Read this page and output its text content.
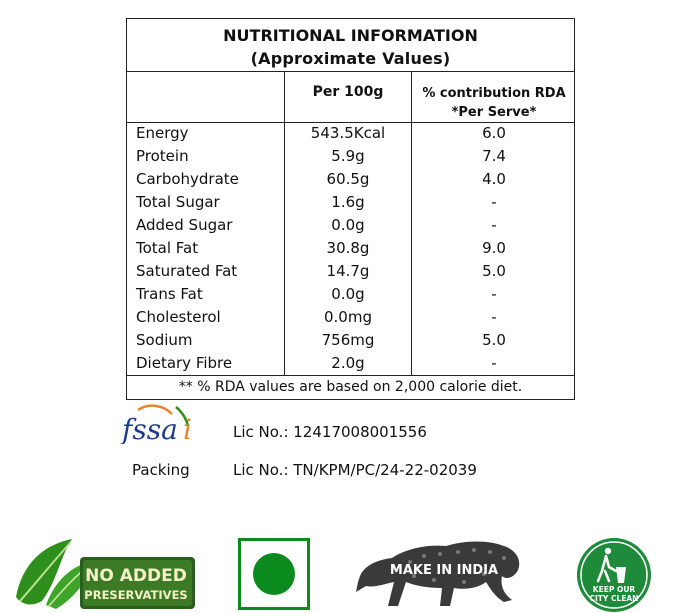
NUTRITIONAL INFORMATION
(Approximate Values)
Per 100g	% contribution RDA
*Per Serve*
Energy	543.5Kcal	6.0
Protein	5.9g	7.4
Carbohydrate	60.5g	4.0
Total Sugar	1.6g	-
Added Sugar	0.0g	-
Total Fat	30.8g	9.0
Saturated Fat	14.7g	5.0
Trans Fat	0.0g	-
Cholesterol	0.0mg	-
Sodium	756mg	5.0
Dietary Fibre	2.0g	-
** % RDA values are based on 2,000 calorie diet.
fssa i	Lic No.: 12417008001556
Packing	Lic No.: TN/KPM/PC/24-22-02039
NO ADDED
PRESERVATIVES
MAKE IN INDIA
KEEP OUR
CITY CLEAN
